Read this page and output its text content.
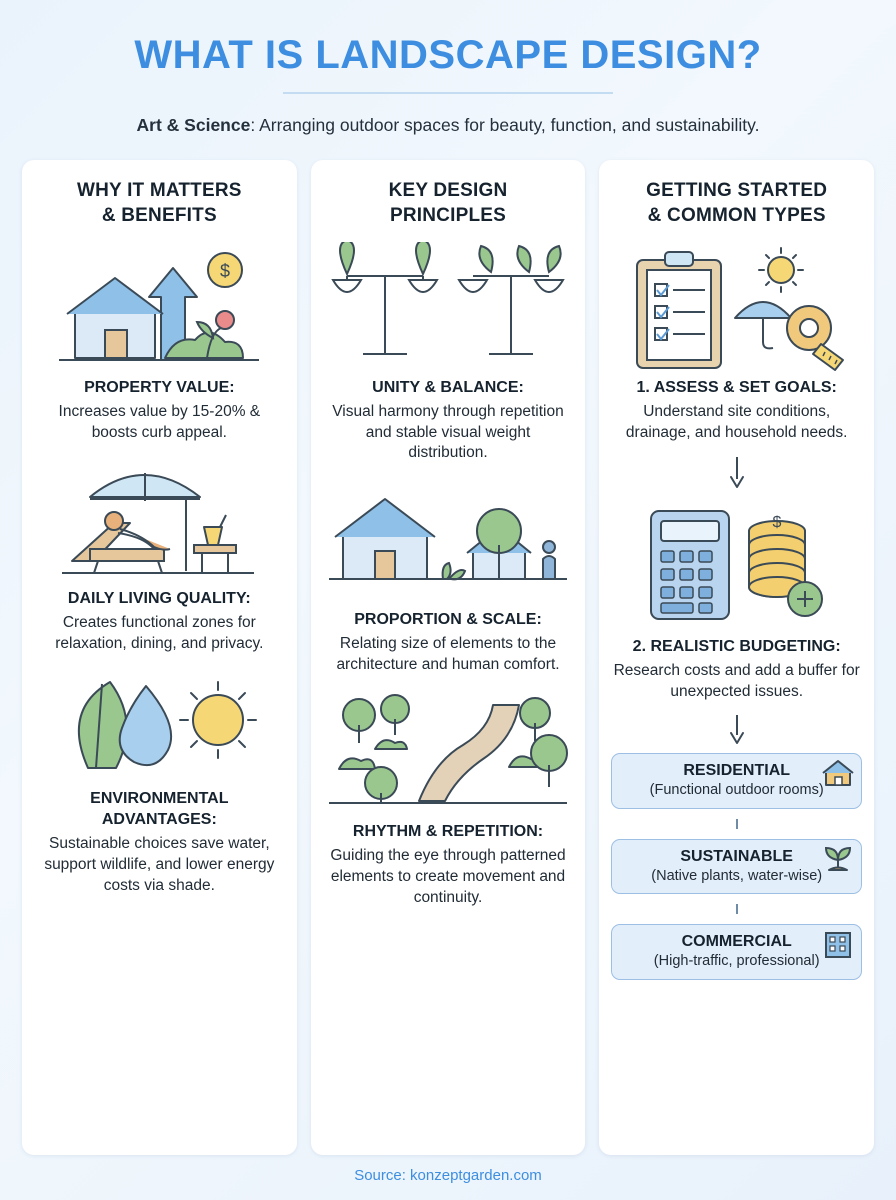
WHAT IS LANDSCAPE DESIGN?
Art & Science: Arranging outdoor spaces for beauty, function, and sustainability.
WHY IT MATTERS
& BENEFITS
$
PROPERTY VALUE:
Increases value by 15-20% & boosts curb appeal.
DAILY LIVING QUALITY:
Creates functional zones for relaxation, dining, and privacy.
ENVIRONMENTAL ADVANTAGES:
Sustainable choices save water, support wildlife, and lower energy costs via shade.
KEY DESIGN
PRINCIPLES
UNITY & BALANCE:
Visual harmony through repetition and stable visual weight distribution.
PROPORTION & SCALE:
Relating size of elements to the architecture and human comfort.
RHYTHM & REPETITION:
Guiding the eye through patterned elements to create movement and continuity.
GETTING STARTED
& COMMON TYPES
1. ASSESS & SET GOALS:
Understand site conditions, drainage, and household needs.
$
2. REALISTIC BUDGETING:
Research costs and add a buffer for unexpected issues.
RESIDENTIAL
(Functional outdoor rooms)
SUSTAINABLE
(Native plants, water-wise)
COMMERCIAL
(High-traffic, professional)
Source: konzeptgarden.com
